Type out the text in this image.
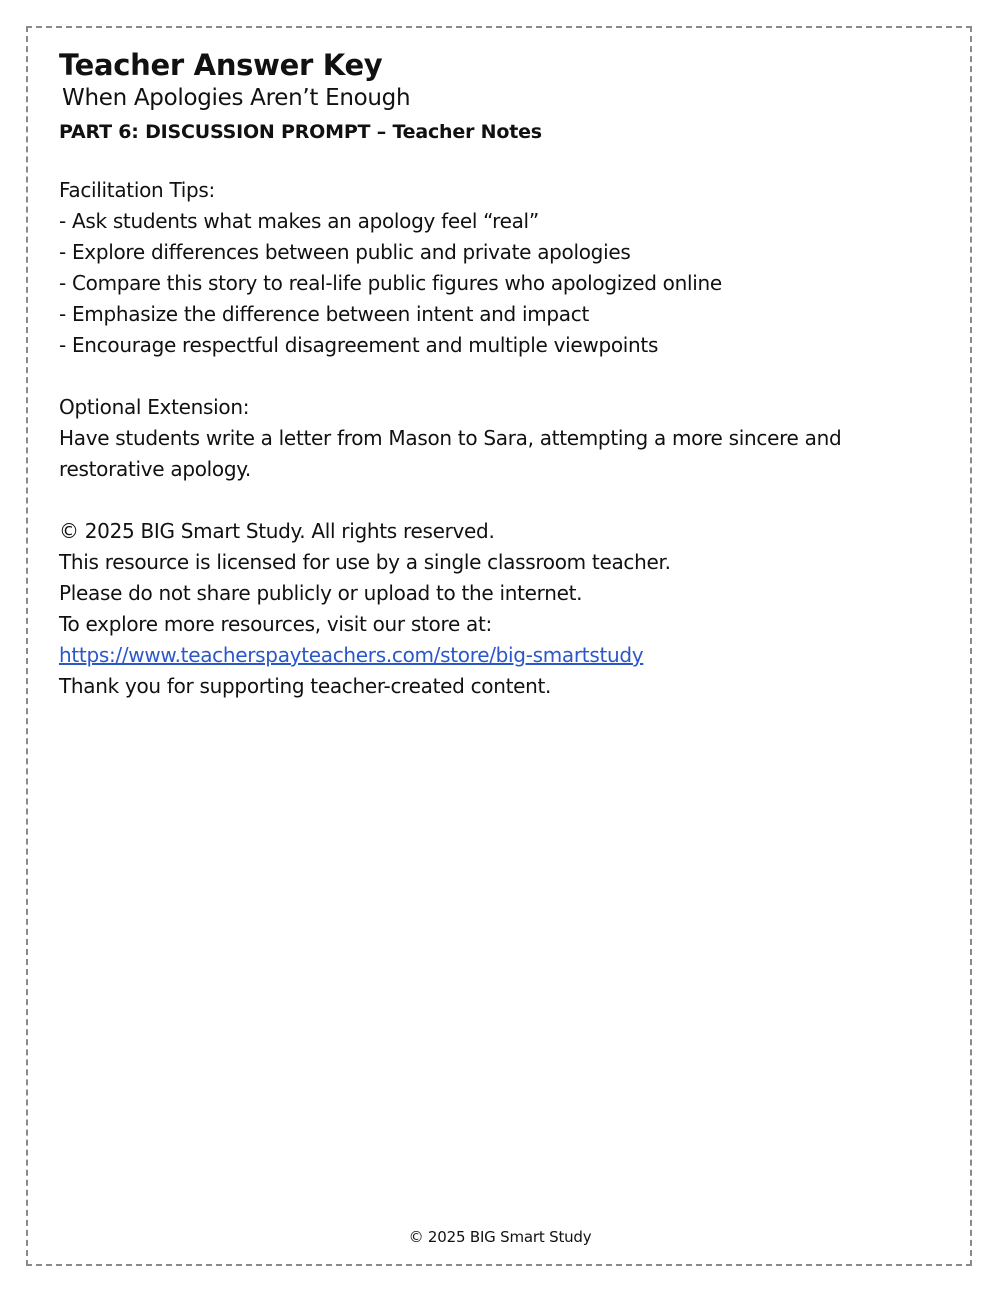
Teacher Answer Key

When Apologies Aren’t Enough

PART 6: DISCUSSION PROMPT – Teacher Notes

Facilitation Tips:

- Ask students what makes an apology feel “real”

- Explore differences between public and private apologies

- Compare this story to real-life public figures who apologized online

- Emphasize the difference between intent and impact

- Encourage respectful disagreement and multiple viewpoints

Optional Extension:

Have students write a letter from Mason to Sara, attempting a more sincere and restorative apology.

© 2025 BIG Smart Study. All rights reserved.

This resource is licensed for use by a single classroom teacher.

Please do not share publicly or upload to the internet.

To explore more resources, visit our store at:

https://www.teacherspayteachers.com/store/big-smartstudy

Thank you for supporting teacher-created content.

© 2025 BIG Smart Study
